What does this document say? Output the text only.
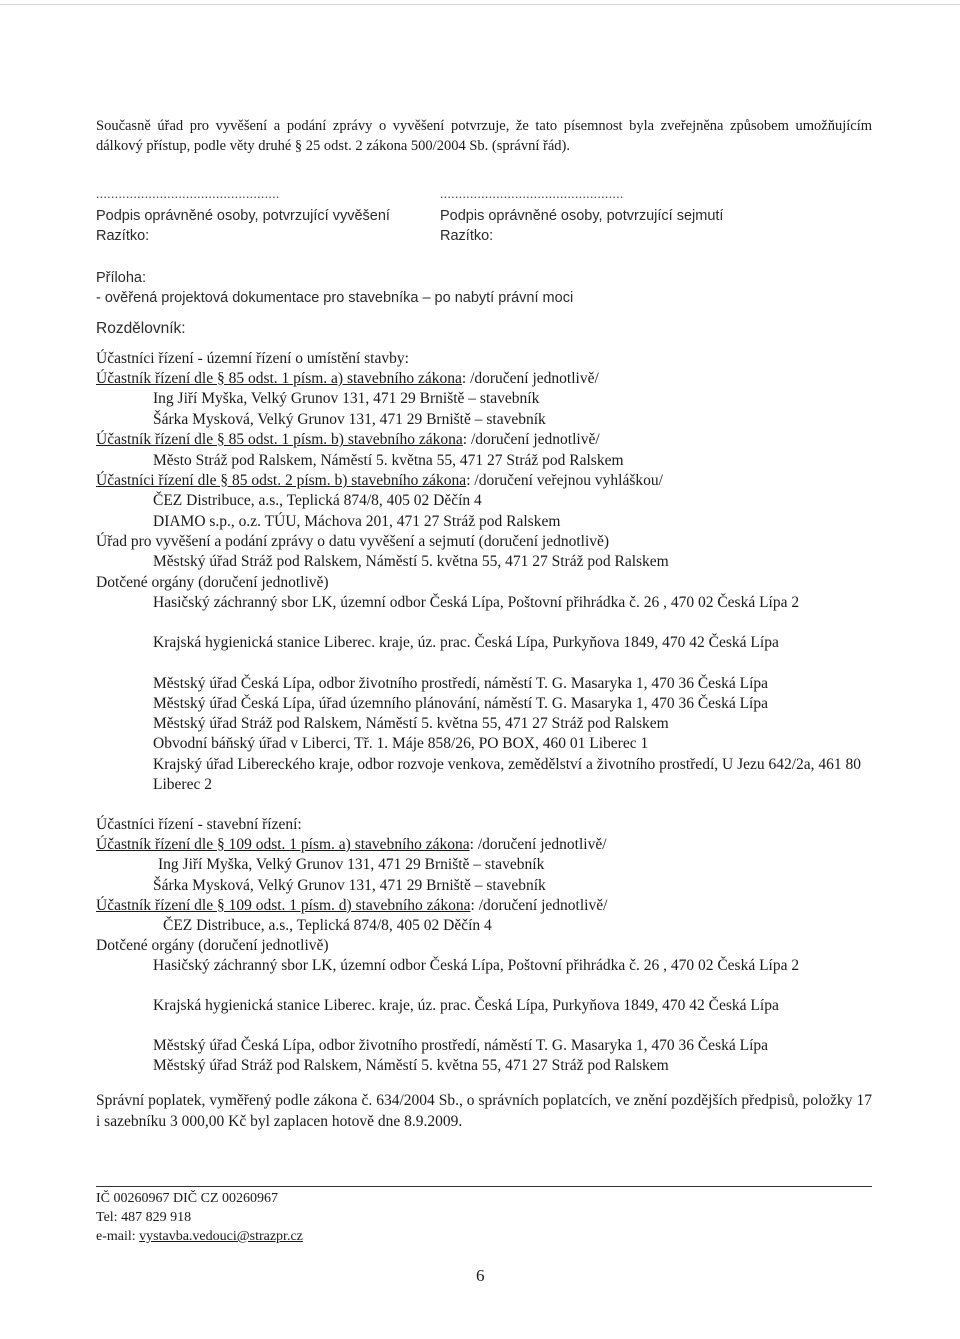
Současně úřad pro vyvěšení a podání zprávy o vyvěšení potvrzuje, že tato písemnost byla zveřejněna způsobem umožňujícím dálkový přístup, podle věty druhé § 25 odst. 2 zákona 500/2004 Sb. (správní řád).
.................................................	.................................................
Podpis oprávněné osoby, potvrzující vyvěšení
Razítko:
Podpis oprávněné osoby, potvrzující sejmutí
Razítko:
Příloha:
- ověřená projektová dokumentace pro stavebníka – po nabytí právní moci
Rozdělovník:
Účastníci řízení - územní řízení o umístění stavby:
Účastník řízení dle § 85 odst. 1 písm. a) stavebního zákona: /doručení jednotlivě/
Ing Jiří Myška, Velký Grunov 131, 471 29 Brniště – stavebník
Šárka Mysková, Velký Grunov 131, 471 29 Brniště – stavebník
Účastník řízení dle § 85 odst. 1 písm. b) stavebního zákona: /doručení jednotlivě/
Město Stráž pod Ralskem, Náměstí 5. května 55, 471 27 Stráž pod Ralskem
Účastníci řízení dle § 85 odst. 2 písm. b) stavebního zákona: /doručení veřejnou vyhláškou/
ČEZ Distribuce, a.s., Teplická 874/8, 405 02 Děčín 4
DIAMO s.p., o.z. TÚU, Máchova 201, 471 27 Stráž pod Ralskem
Úřad pro vyvěšení a podání zprávy o datu vyvěšení a sejmutí (doručení jednotlivě)
Městský úřad Stráž pod Ralskem, Náměstí 5. května 55, 471 27 Stráž pod Ralskem
Dotčené orgány (doručení jednotlivě)
Hasičský záchranný sbor LK, územní odbor Česká Lípa, Poštovní přihrádka č. 26 , 470 02 Česká Lípa 2
Krajská hygienická stanice Liberec. kraje, úz. prac. Česká Lípa, Purkyňova 1849, 470 42 Česká Lípa
Městský úřad Česká Lípa, odbor životního prostředí, náměstí T. G. Masaryka 1, 470 36 Česká Lípa
Městský úřad Česká Lípa, úřad územního plánování, náměstí T. G. Masaryka 1, 470 36 Česká Lípa
Městský úřad Stráž pod Ralskem, Náměstí 5. května 55, 471 27 Stráž pod Ralskem
Obvodní báňský úřad v Liberci, Tř. 1. Máje 858/26, PO BOX, 460 01 Liberec 1
Krajský úřad Libereckého kraje, odbor rozvoje venkova, zemědělství a životního prostředí, U Jezu 642/2a, 461 80 Liberec 2
Účastníci řízení - stavební řízení:
Účastník řízení dle § 109 odst. 1 písm. a) stavebního zákona: /doručení jednotlivě/
Ing Jiří Myška, Velký Grunov 131, 471 29 Brniště – stavebník
Šárka Mysková, Velký Grunov 131, 471 29 Brniště – stavebník
Účastník řízení dle § 109 odst. 1 písm. d) stavebního zákona: /doručení jednotlivě/
ČEZ Distribuce, a.s., Teplická 874/8, 405 02 Děčín 4
Dotčené orgány (doručení jednotlivě)
Hasičský záchranný sbor LK, územní odbor Česká Lípa, Poštovní přihrádka č. 26 , 470 02 Česká Lípa 2
Krajská hygienická stanice Liberec. kraje, úz. prac. Česká Lípa, Purkyňova 1849, 470 42 Česká Lípa
Městský úřad Česká Lípa, odbor životního prostředí, náměstí T. G. Masaryka 1, 470 36 Česká Lípa
Městský úřad Stráž pod Ralskem, Náměstí 5. května 55, 471 27 Stráž pod Ralskem
Správní poplatek, vyměřený podle zákona č. 634/2004 Sb., o správních poplatcích, ve znění pozdějších předpisů, položky 17 i sazebníku 3 000,00 Kč byl zaplacen hotově dne 8.9.2009.
IČ 00260967 DIČ CZ 00260967
Tel: 487 829 918
e-mail: vystavba.vedouci@strazpr.cz
6
